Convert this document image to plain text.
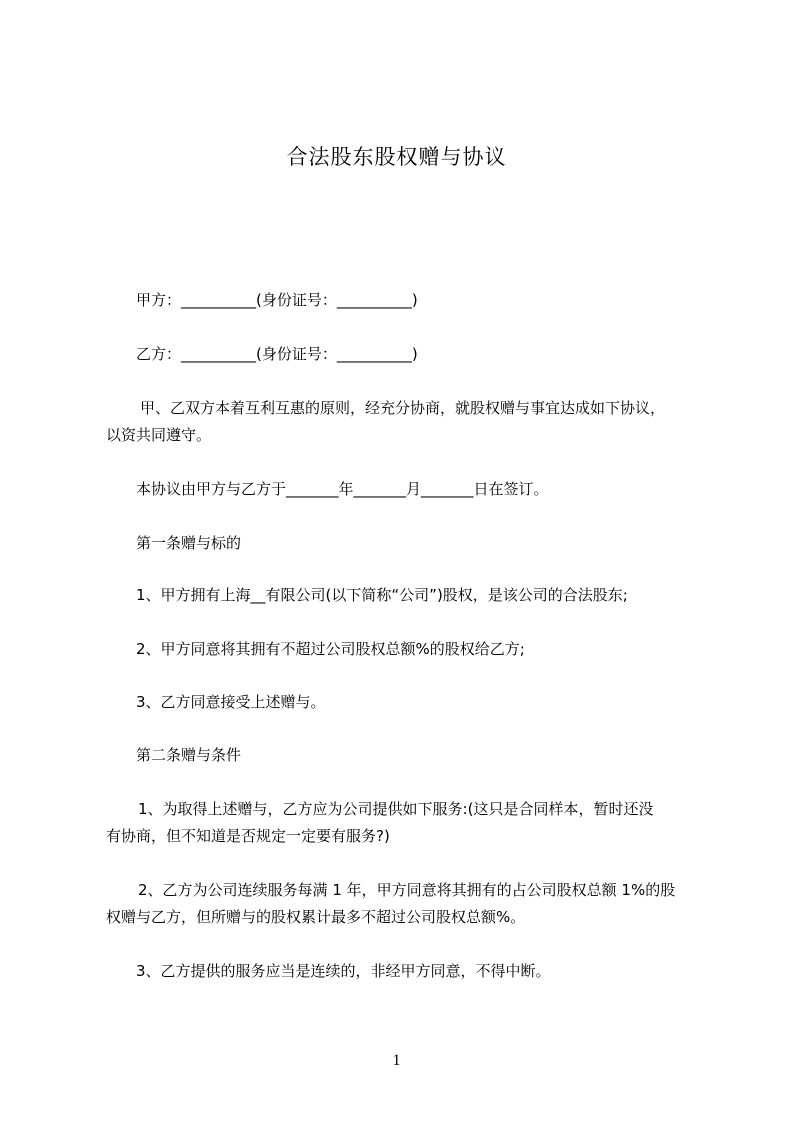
合法股东股权赠与协议
甲方：__________(身份证号：__________)
乙方：__________(身份证号：__________)
甲、乙双方本着互利互惠的原则，经充分协商，就股权赠与事宜达成如下协议，
以资共同遵守。
本协议由甲方与乙方于_______年_______月_______日在签订。
第一条赠与标的
1、甲方拥有上海__有限公司(以下简称“公司”)股权，是该公司的合法股东;
2、甲方同意将其拥有不超过公司股权总额%的股权给乙方;
3、乙方同意接受上述赠与。
第二条赠与条件
1、为取得上述赠与，乙方应为公司提供如下服务:(这只是合同样本，暂时还没
有协商，但不知道是否规定一定要有服务?)
2、乙方为公司连续服务每满 1 年，甲方同意将其拥有的占公司股权总额 1%的股
权赠与乙方，但所赠与的股权累计最多不超过公司股权总额%。
3、乙方提供的服务应当是连续的，非经甲方同意，不得中断。
1
